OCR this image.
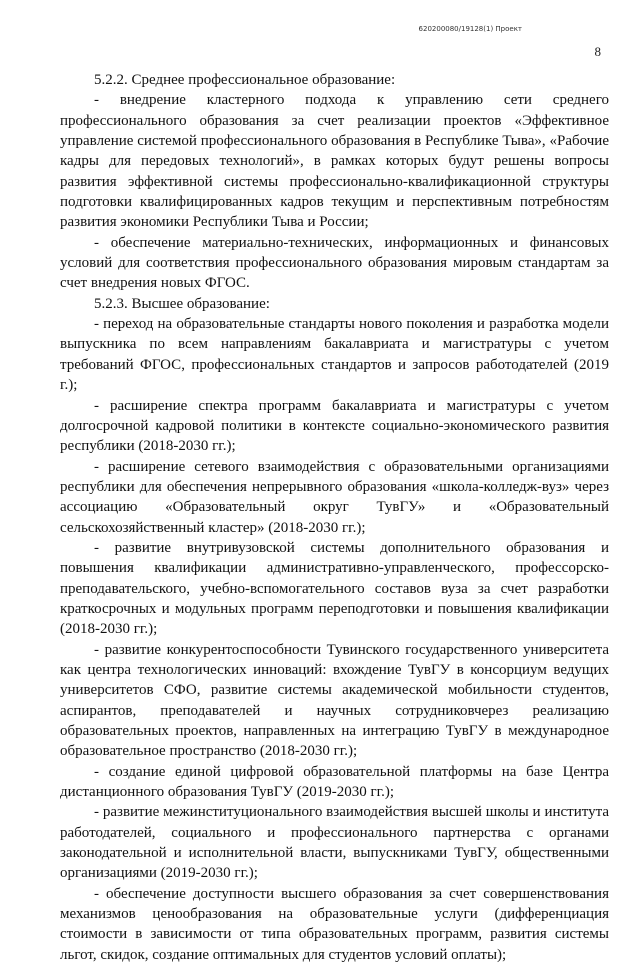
620200080/19128(1) Проект
8

5.2.2. Среднее профессиональное образование:

- внедрение кластерного подхода к управлению сети среднего профессионального образования за счет реализации проектов «Эффективное управление системой профессионального образования в Республике Тыва», «Рабочие кадры для передовых технологий», в рамках которых будут решены вопросы развития эффективной системы профессионально-квалификационной структуры подготовки квалифицированных кадров текущим и перспективным потребностям развития экономики Республики Тыва и России;

- обеспечение материально-технических, информационных и финансовых условий для соответствия профессионального образования мировым стандартам за счет внедрения новых ФГОС.

5.2.3. Высшее образование:

- переход на образовательные стандарты нового поколения и разработка модели выпускника по всем направлениям бакалавриата и магистратуры с учетом требований ФГОС, профессиональных стандартов и запросов работодателей (2019 г.);

- расширение спектра программ бакалавриата и магистратуры с учетом долгосрочной кадровой политики в контексте социально-экономического развития республики (2018-2030 гг.);

- расширение сетевого взаимодействия с образовательными организациями республики для обеспечения непрерывного образования «школа-колледж-вуз» через ассоциацию «Образовательный округ ТувГУ» и «Образовательный сельскохозяйственный кластер» (2018-2030 гг.);

- развитие внутривузовской системы дополнительного образования и повышения квалификации административно-управленческого, профессорско-преподавательского, учебно-вспомогательного составов вуза за счет разработки краткосрочных и модульных программ переподготовки и повышения квалификации (2018-2030 гг.);

- развитие конкурентоспособности Тувинского государственного университета как центра технологических инноваций: вхождение ТувГУ в консорциум ведущих университетов СФО, развитие системы академической мобильности студентов, аспирантов, преподавателей и научных сотрудниковчерез реализацию образовательных проектов, направленных на интеграцию ТувГУ в международное образовательное пространство (2018-2030 гг.);

- создание единой цифровой образовательной платформы на базе Центра дистанционного образования ТувГУ (2019-2030 гг.);

- развитие межинституционального взаимодействия высшей школы и института работодателей, социального и профессионального партнерства с органами законодательной и исполнительной власти, выпускниками ТувГУ, общественными организациями (2019-2030 гг.);

- обеспечение доступности высшего образования за счет совершенствования механизмов ценообразования на образовательные услуги (дифференциация стоимости в зависимости от типа образовательных программ, развития системы льгот, скидок, создание оптимальных для студентов условий оплаты);
